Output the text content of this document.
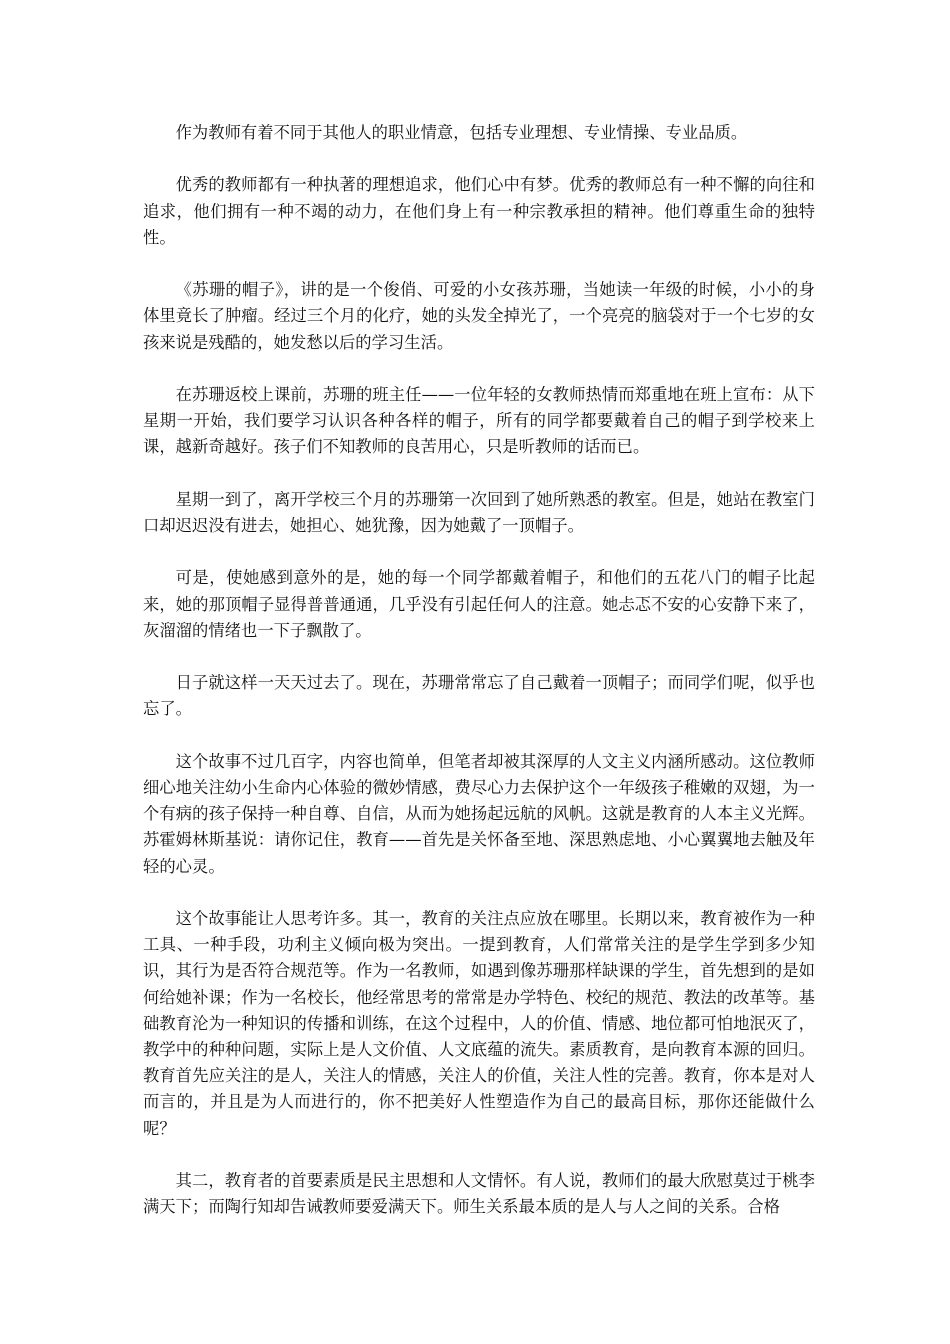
作为教师有着不同于其他人的职业情意，包括专业理想、专业情操、专业品质。

优秀的教师都有一种执著的理想追求，他们心中有梦。优秀的教师总有一种不懈的向往和追求，他们拥有一种不竭的动力，在他们身上有一种宗教承担的精神。他们尊重生命的独特性。

《苏珊的帽子》，讲的是一个俊俏、可爱的小女孩苏珊，当她读一年级的时候，小小的身体里竟长了肿瘤。经过三个月的化疗，她的头发全掉光了，一个亮亮的脑袋对于一个七岁的女孩来说是残酷的，她发愁以后的学习生活。

在苏珊返校上课前，苏珊的班主任——一位年轻的女教师热情而郑重地在班上宣布：从下星期一开始，我们要学习认识各种各样的帽子，所有的同学都要戴着自己的帽子到学校来上课，越新奇越好。孩子们不知教师的良苦用心，只是听教师的话而已。

星期一到了，离开学校三个月的苏珊第一次回到了她所熟悉的教室。但是，她站在教室门口却迟迟没有进去，她担心、她犹豫，因为她戴了一顶帽子。

可是，使她感到意外的是，她的每一个同学都戴着帽子，和他们的五花八门的帽子比起来，她的那顶帽子显得普普通通，几乎没有引起任何人的注意。她忐忑不安的心安静下来了，灰溜溜的情绪也一下子飘散了。

日子就这样一天天过去了。现在，苏珊常常忘了自己戴着一顶帽子；而同学们呢，似乎也忘了。

这个故事不过几百字，内容也简单，但笔者却被其深厚的人文主义内涵所感动。这位教师细心地关注幼小生命内心体验的微妙情感，费尽心力去保护这个一年级孩子稚嫩的双翅，为一个有病的孩子保持一种自尊、自信，从而为她扬起远航的风帆。这就是教育的人本主义光辉。苏霍姆林斯基说：请你记住，教育——首先是关怀备至地、深思熟虑地、小心翼翼地去触及年轻的心灵。

这个故事能让人思考许多。其一，教育的关注点应放在哪里。长期以来，教育被作为一种工具、一种手段，功利主义倾向极为突出。一提到教育，人们常常关注的是学生学到多少知识，其行为是否符合规范等。作为一名教师，如遇到像苏珊那样缺课的学生，首先想到的是如何给她补课；作为一名校长，他经常思考的常常是办学特色、校纪的规范、教法的改革等。基础教育沦为一种知识的传播和训练，在这个过程中，人的价值、情感、地位都可怕地泯灭了，教学中的种种问题，实际上是人文价值、人文底蕴的流失。素质教育，是向教育本源的回归。教育首先应关注的是人，关注人的情感，关注人的价值，关注人性的完善。教育，你本是对人而言的，并且是为人而进行的，你不把美好人性塑造作为自己的最高目标，那你还能做什么呢？

其二，教育者的首要素质是民主思想和人文情怀。有人说，教师们的最大欣慰莫过于桃李满天下；而陶行知却告诫教师要爱满天下。师生关系最本质的是人与人之间的关系。合格
